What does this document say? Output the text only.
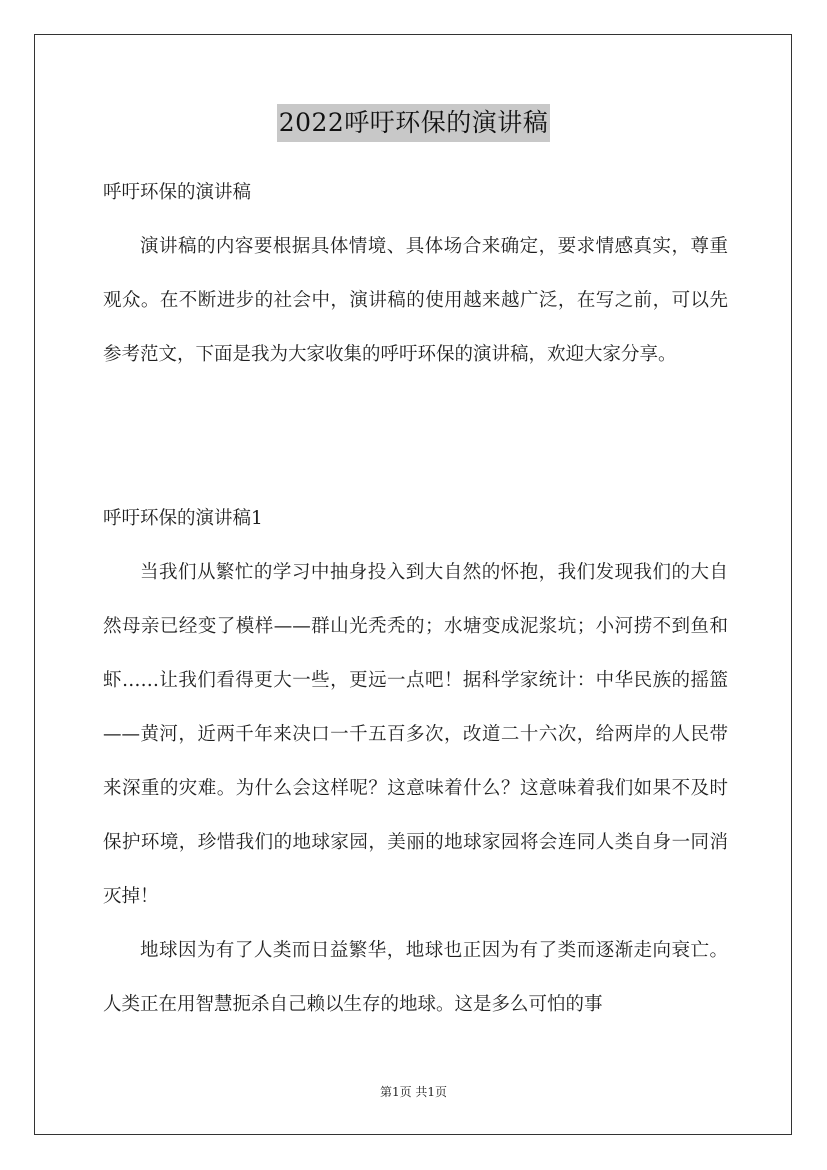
2022呼吁环保的演讲稿
呼吁环保的演讲稿

演讲稿的内容要根据具体情境、具体场合来确定，要求情感真实，尊重观众。在不断进步的社会中，演讲稿的使用越来越广泛，在写之前，可以先参考范文，下面是我为大家收集的呼吁环保的演讲稿，欢迎大家分享。

呼吁环保的演讲稿1

当我们从繁忙的学习中抽身投入到大自然的怀抱，我们发现我们的大自然母亲已经变了模样——群山光秃秃的；水塘变成泥浆坑；小河捞不到鱼和虾……让我们看得更大一些，更远一点吧！据科学家统计：中华民族的摇篮——黄河，近两千年来决口一千五百多次，改道二十六次，给两岸的人民带来深重的灾难。为什么会这样呢？这意味着什么？这意味着我们如果不及时保护环境，珍惜我们的地球家园，美丽的地球家园将会连同人类自身一同消灭掉！

地球因为有了人类而日益繁华，地球也正因为有了类而逐渐走向衰亡。人类正在用智慧扼杀自己赖以生存的地球。这是多么可怕的事

第1页 共1页
